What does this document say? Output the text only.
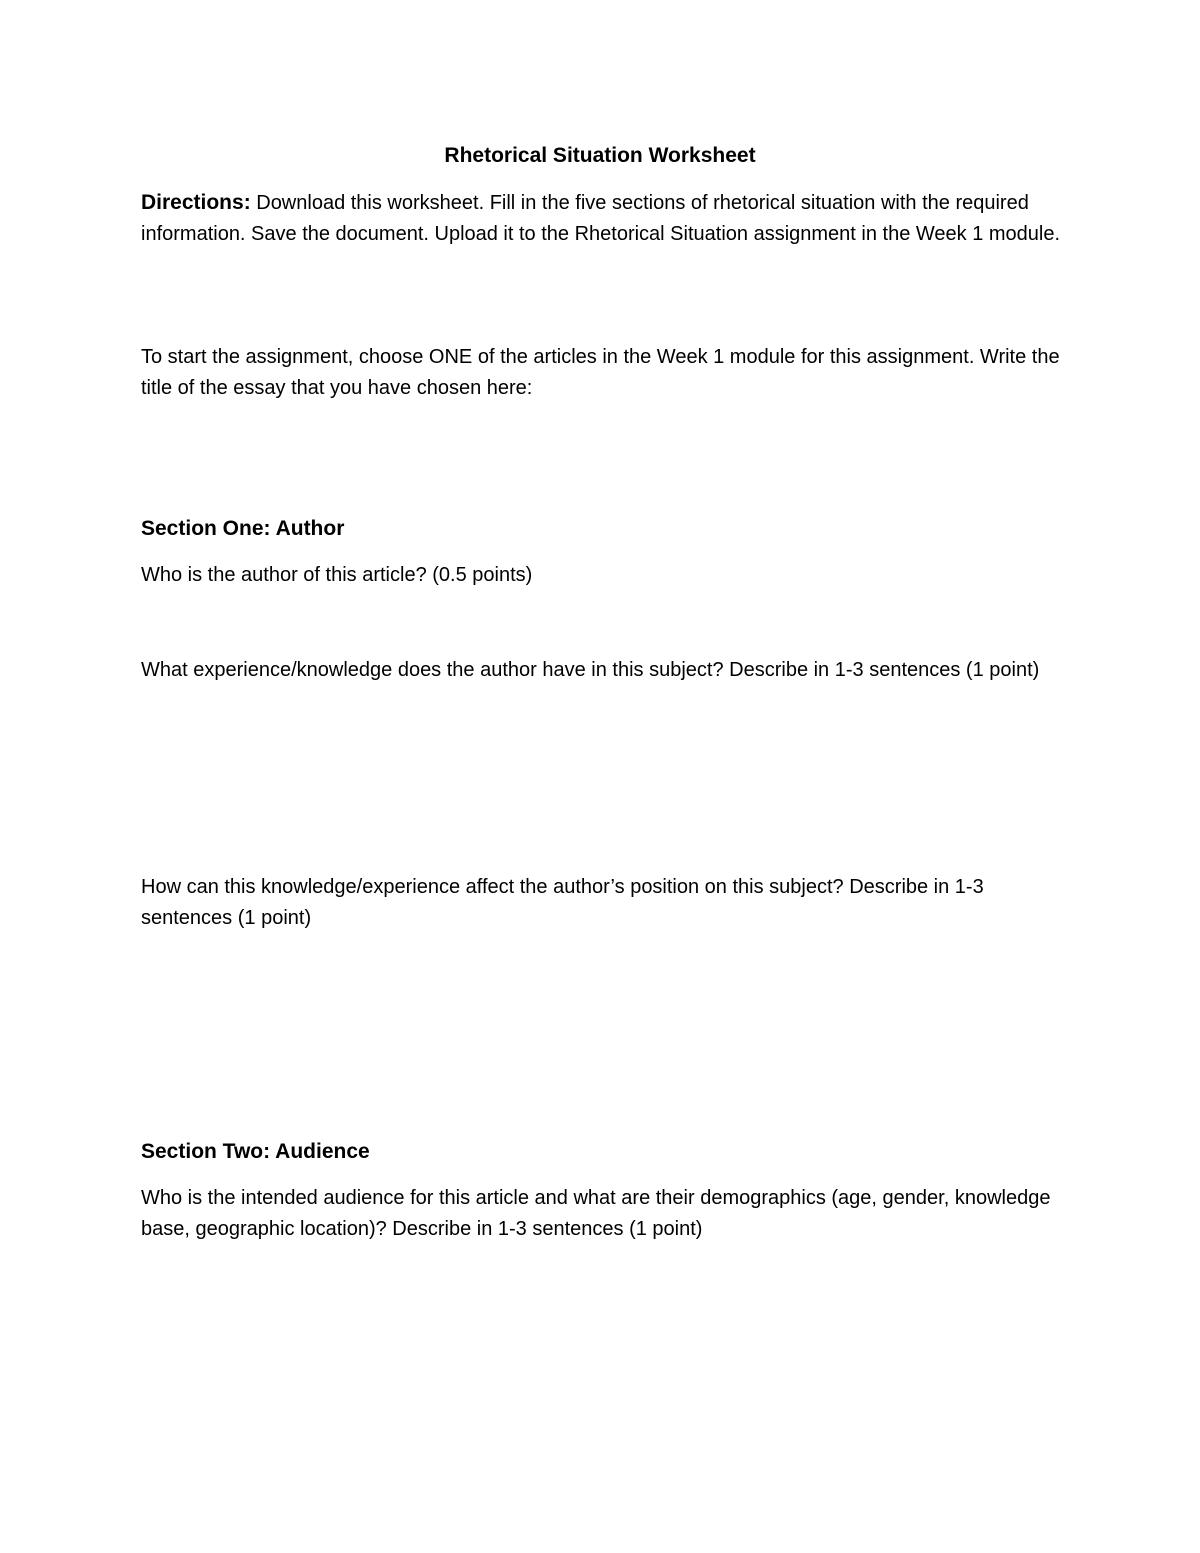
Rhetorical Situation Worksheet

Directions: Download this worksheet. Fill in the five sections of rhetorical situation with the required information. Save the document. Upload it to the Rhetorical Situation assignment in the Week 1 module.

To start the assignment, choose ONE of the articles in the Week 1 module for this assignment. Write the title of the essay that you have chosen here:

Section One: Author

Who is the author of this article? (0.5 points)

What experience/knowledge does the author have in this subject? Describe in 1-3 sentences (1 point)

How can this knowledge/experience affect the author’s position on this subject? Describe in 1-3 sentences (1 point)

Section Two: Audience

Who is the intended audience for this article and what are their demographics (age, gender, knowledge base, geographic location)? Describe in 1-3 sentences (1 point)
